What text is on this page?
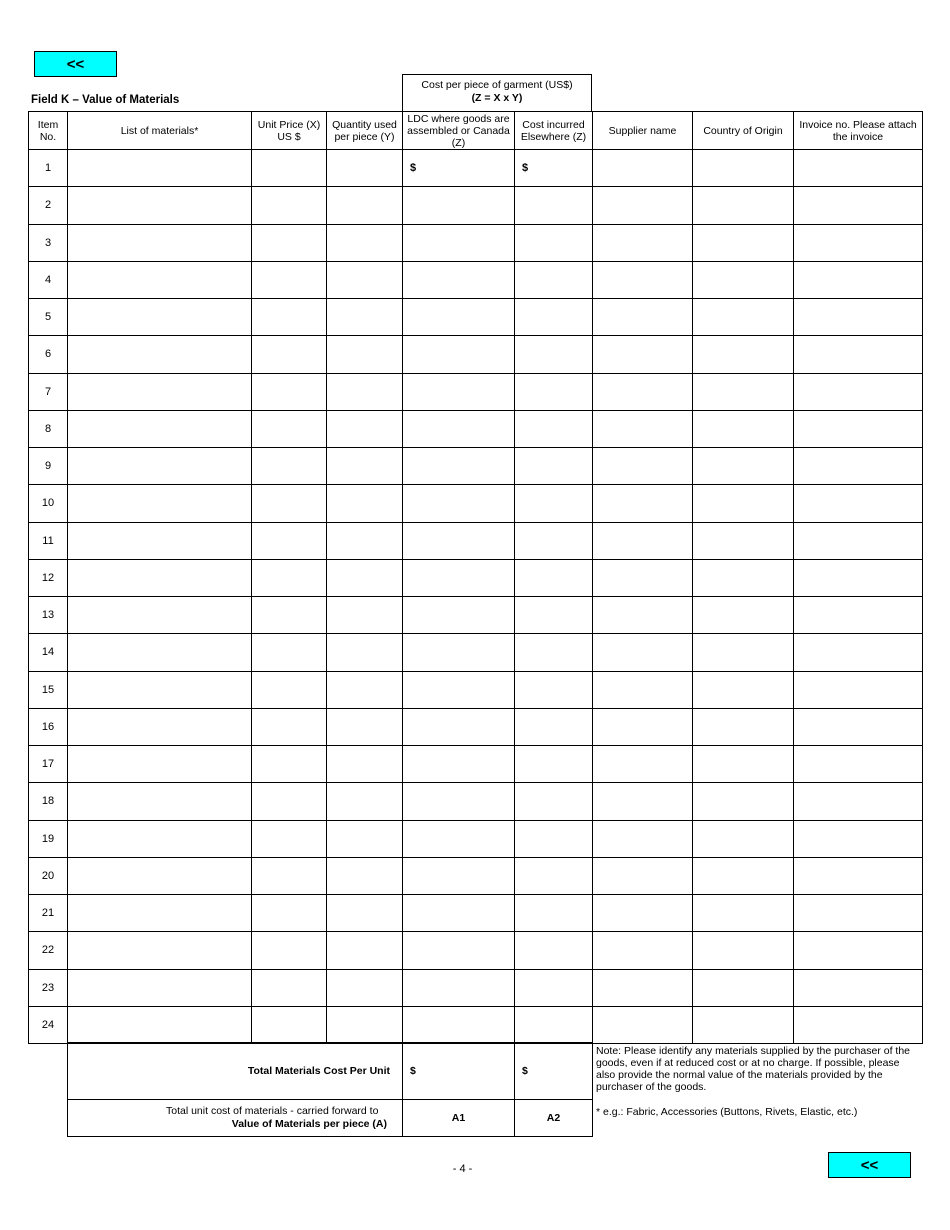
<<
Field K – Value of Materials
Cost per piece of garment (US$)
(Z = X x Y)
Item No.	List of materials*	Unit Price (X) US $	Quantity used per piece (Y)	LDC where goods are assembled or Canada (Z)	Cost incurred Elsewhere (Z)	Supplier name	Country of Origin	Invoice no. Please attach the invoice
1				$	$			
2								
3								
4								
5								
6								
7								
8								
9								
10								
11								
12								
13								
14								
15								
16								
17								
18								
19								
20								
21								
22								
23								
24								
Total Materials Cost Per Unit	$	$

Total unit cost of materials - carried forward to
Value of Materials per piece (A)	A1	A2
Note: Please identify any materials supplied by the purchaser of the goods, even if at reduced cost or at no charge. If possible, please also provide the normal value of the materials provided by the purchaser of the goods.
* e.g.: Fabric, Accessories (Buttons, Rivets, Elastic, etc.)
- 4 -	<<
